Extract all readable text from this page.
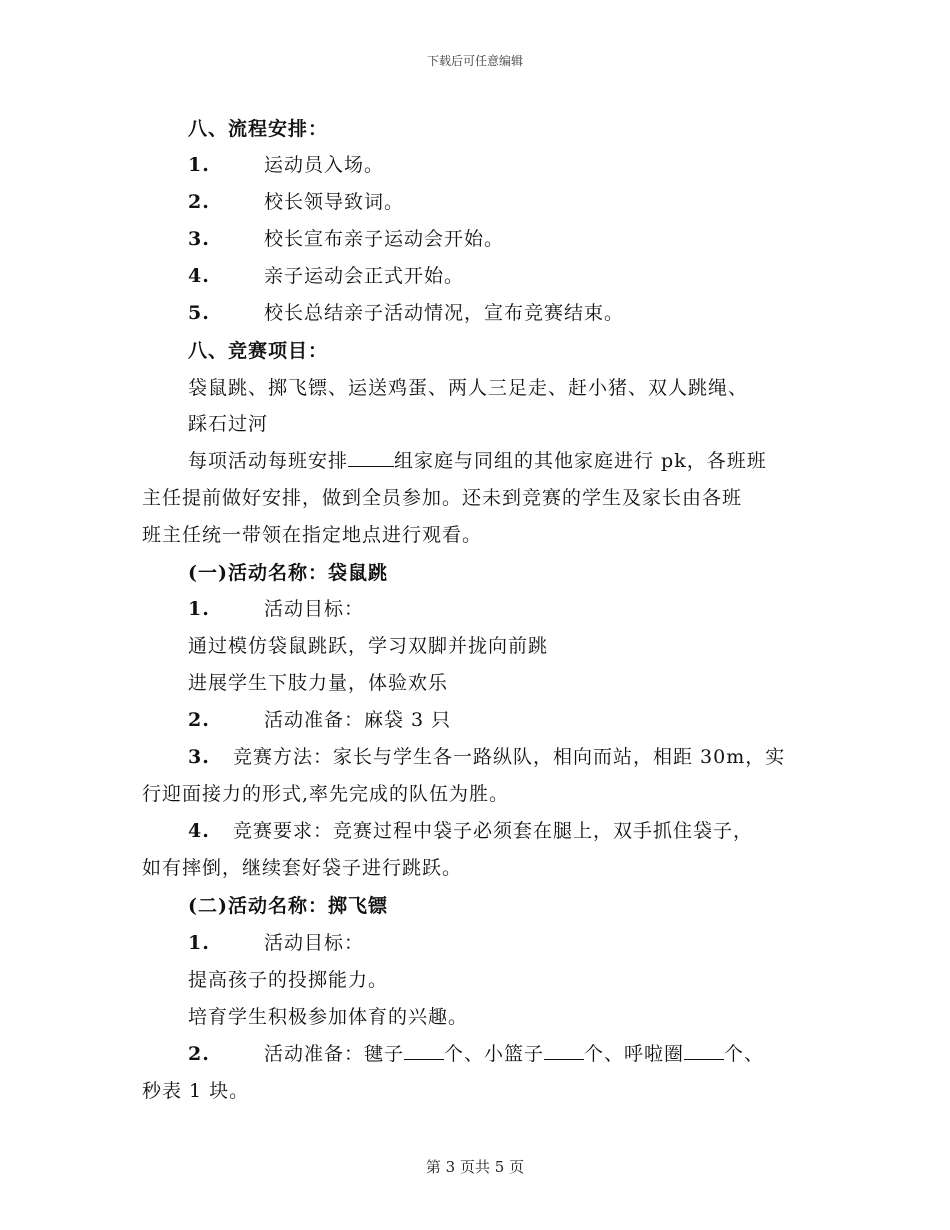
下载后可任意编辑
八、流程安排：
1.	运动员入场。
2.	校长领导致词。
3.	校长宣布亲子运动会开始。
4.	亲子运动会正式开始。
5.	校长总结亲子活动情况，宣布竞赛结束。
八、竞赛项目：
袋鼠跳、掷飞镖、运送鸡蛋、两人三足走、赶小猪、双人跳绳、
踩石过河
每项活动每班安排 组家庭与同组的其他家庭进行 pk，各班班
主任提前做好安排，做到全员参加。还未到竞赛的学生及家长由各班
班主任统一带领在指定地点进行观看。
(一)活动名称：袋鼠跳
1.	活动目标：
通过模仿袋鼠跳跃，学习双脚并拢向前跳
进展学生下肢力量，体验欢乐
2.	活动准备：麻袋 3 只
3. 竞赛方法：家长与学生各一路纵队，相向而站，相距 30m，实
行迎面接力的形式,率先完成的队伍为胜。
4. 竞赛要求：竞赛过程中袋子必须套在腿上，双手抓住袋子，
如有摔倒，继续套好袋子进行跳跃。
(二)活动名称：掷飞镖
1.	活动目标：
提高孩子的投掷能力。
培育学生积极参加体育的兴趣。
2.	活动准备：毽子 个、小篮子 个、呼啦圈 个、
秒表 1 块。
第 3 页共 5 页
